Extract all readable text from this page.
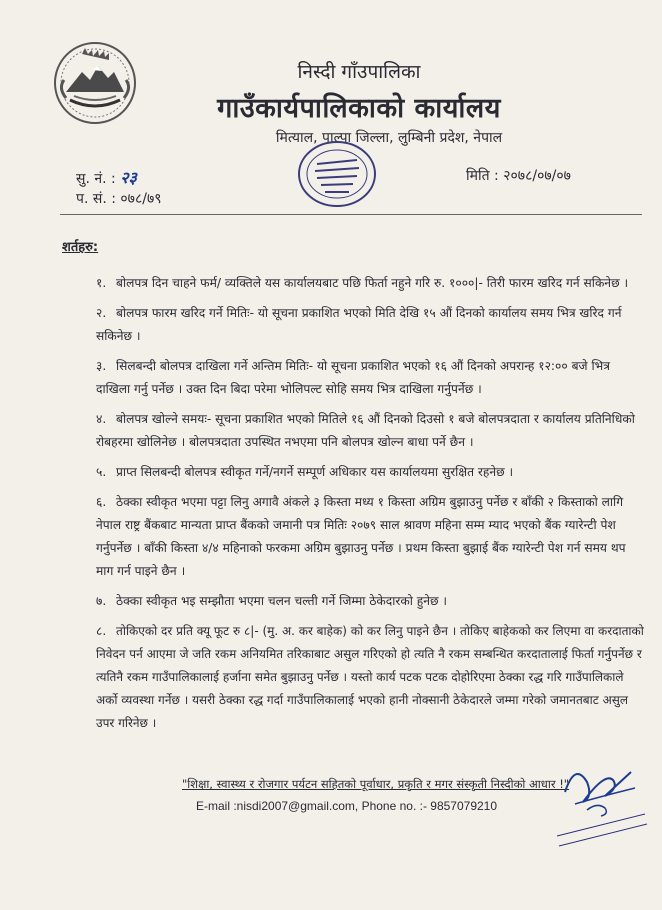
निस्दी गाँउपालिका
गाउँकार्यपालिकाको कार्यालय
मित्याल, पाल्पा जिल्ला, लुम्बिनी प्रदेश, नेपाल
सु. नं. : २३
प. सं. : ०७८/७९
मिति : २०७८/०७/०७
शर्तहरु:
१. बोलपत्र दिन चाहने फर्म/ व्यक्तिले यस कार्यालयबाट पछि फिर्ता नहुने गरि रु. १०००|- तिरी फारम खरिद गर्न सकिनेछ ।
२. बोलपत्र फारम खरिद गर्ने मितिः- यो सूचना प्रकाशित भएको मिति देखि १५ औं दिनको कार्यालय समय भित्र खरिद गर्न सकिनेछ ।
३. सिलबन्दी बोलपत्र दाखिला गर्ने अन्तिम मितिः- यो सूचना प्रकाशित भएको १६ औं दिनको अपरान्ह १२:०० बजे भित्र दाखिला गर्नु पर्नेछ । उक्त दिन बिदा परेमा भोलिपल्ट सोहि समय भित्र दाखिला गर्नुपर्नेछ ।
४. बोलपत्र खोल्ने समयः- सूचना प्रकाशित भएको मितिले १६ औं दिनको दिउसो १ बजे बोलपत्रदाता र कार्यालय प्रतिनिधिको रोबहरमा खोलिनेछ । बोलपत्रदाता उपस्थित नभएमा पनि बोलपत्र खोल्न बाधा पर्ने छैन ।
५. प्राप्त सिलबन्दी बोलपत्र स्वीकृत गर्ने/नगर्ने सम्पूर्ण अधिकार यस कार्यालयमा सुरक्षित रहनेछ ।
६. ठेक्का स्वीकृत भएमा पट्टा लिनु अगावै अंकले ३ किस्ता मध्य १ किस्ता अग्रिम बुझाउनु पर्नेछ र बाँकी २ किस्ताको लागि नेपाल राष्ट्र बैंकबाट मान्यता प्राप्त बैंकको जमानी पत्र मितिः २०७९ साल श्रावण महिना सम्म म्याद भएको बैंक ग्यारेन्टी पेश गर्नुपर्नेछ । बाँकी किस्ता ४/४ महिनाको फरकमा अग्रिम बुझाउनु पर्नेछ । प्रथम किस्ता बुझाई बैंक ग्यारेन्टी पेश गर्न समय थप माग गर्न पाइने छैन ।
७. ठेक्का स्वीकृत भइ सम्झौता भएमा चलन चल्ती गर्ने जिम्मा ठेकेदारको हुनेछ ।
८. तोकिएको दर प्रति क्यू फूट रु ८|- (मु. अ. कर बाहेक) को कर लिनु पाइने छैन । तोकिए बाहेकको कर लिएमा वा करदाताको निवेदन पर्न आएमा जे जति रकम अनियमित तरिकाबाट असुल गरिएको हो त्यति नै रकम सम्बन्धित करदातालाई फिर्ता गर्नुपर्नेछ र त्यतिनै रकम गाउँपालिकालाई हर्जाना समेत बुझाउनु पर्नेछ । यस्तो कार्य पटक पटक दोहोरिएमा ठेक्का रद्ध गरि गाउँपालिकाले अर्को व्यवस्था गर्नेछ । यसरी ठेक्का रद्ध गर्दा गाउँपालिकालाई भएको हानी नोक्सानी ठेकेदारले जम्मा गरेको जमानतबाट असुल उपर गरिनेछ ।
"शिक्षा, स्वास्थ्य र रोजगार पर्यटन सहितको पूर्वाधार, प्रकृति र मगर संस्कृती निस्दीको आधार !"
E-mail :nisdi2007@gmail.com, Phone no. :- 9857079210
